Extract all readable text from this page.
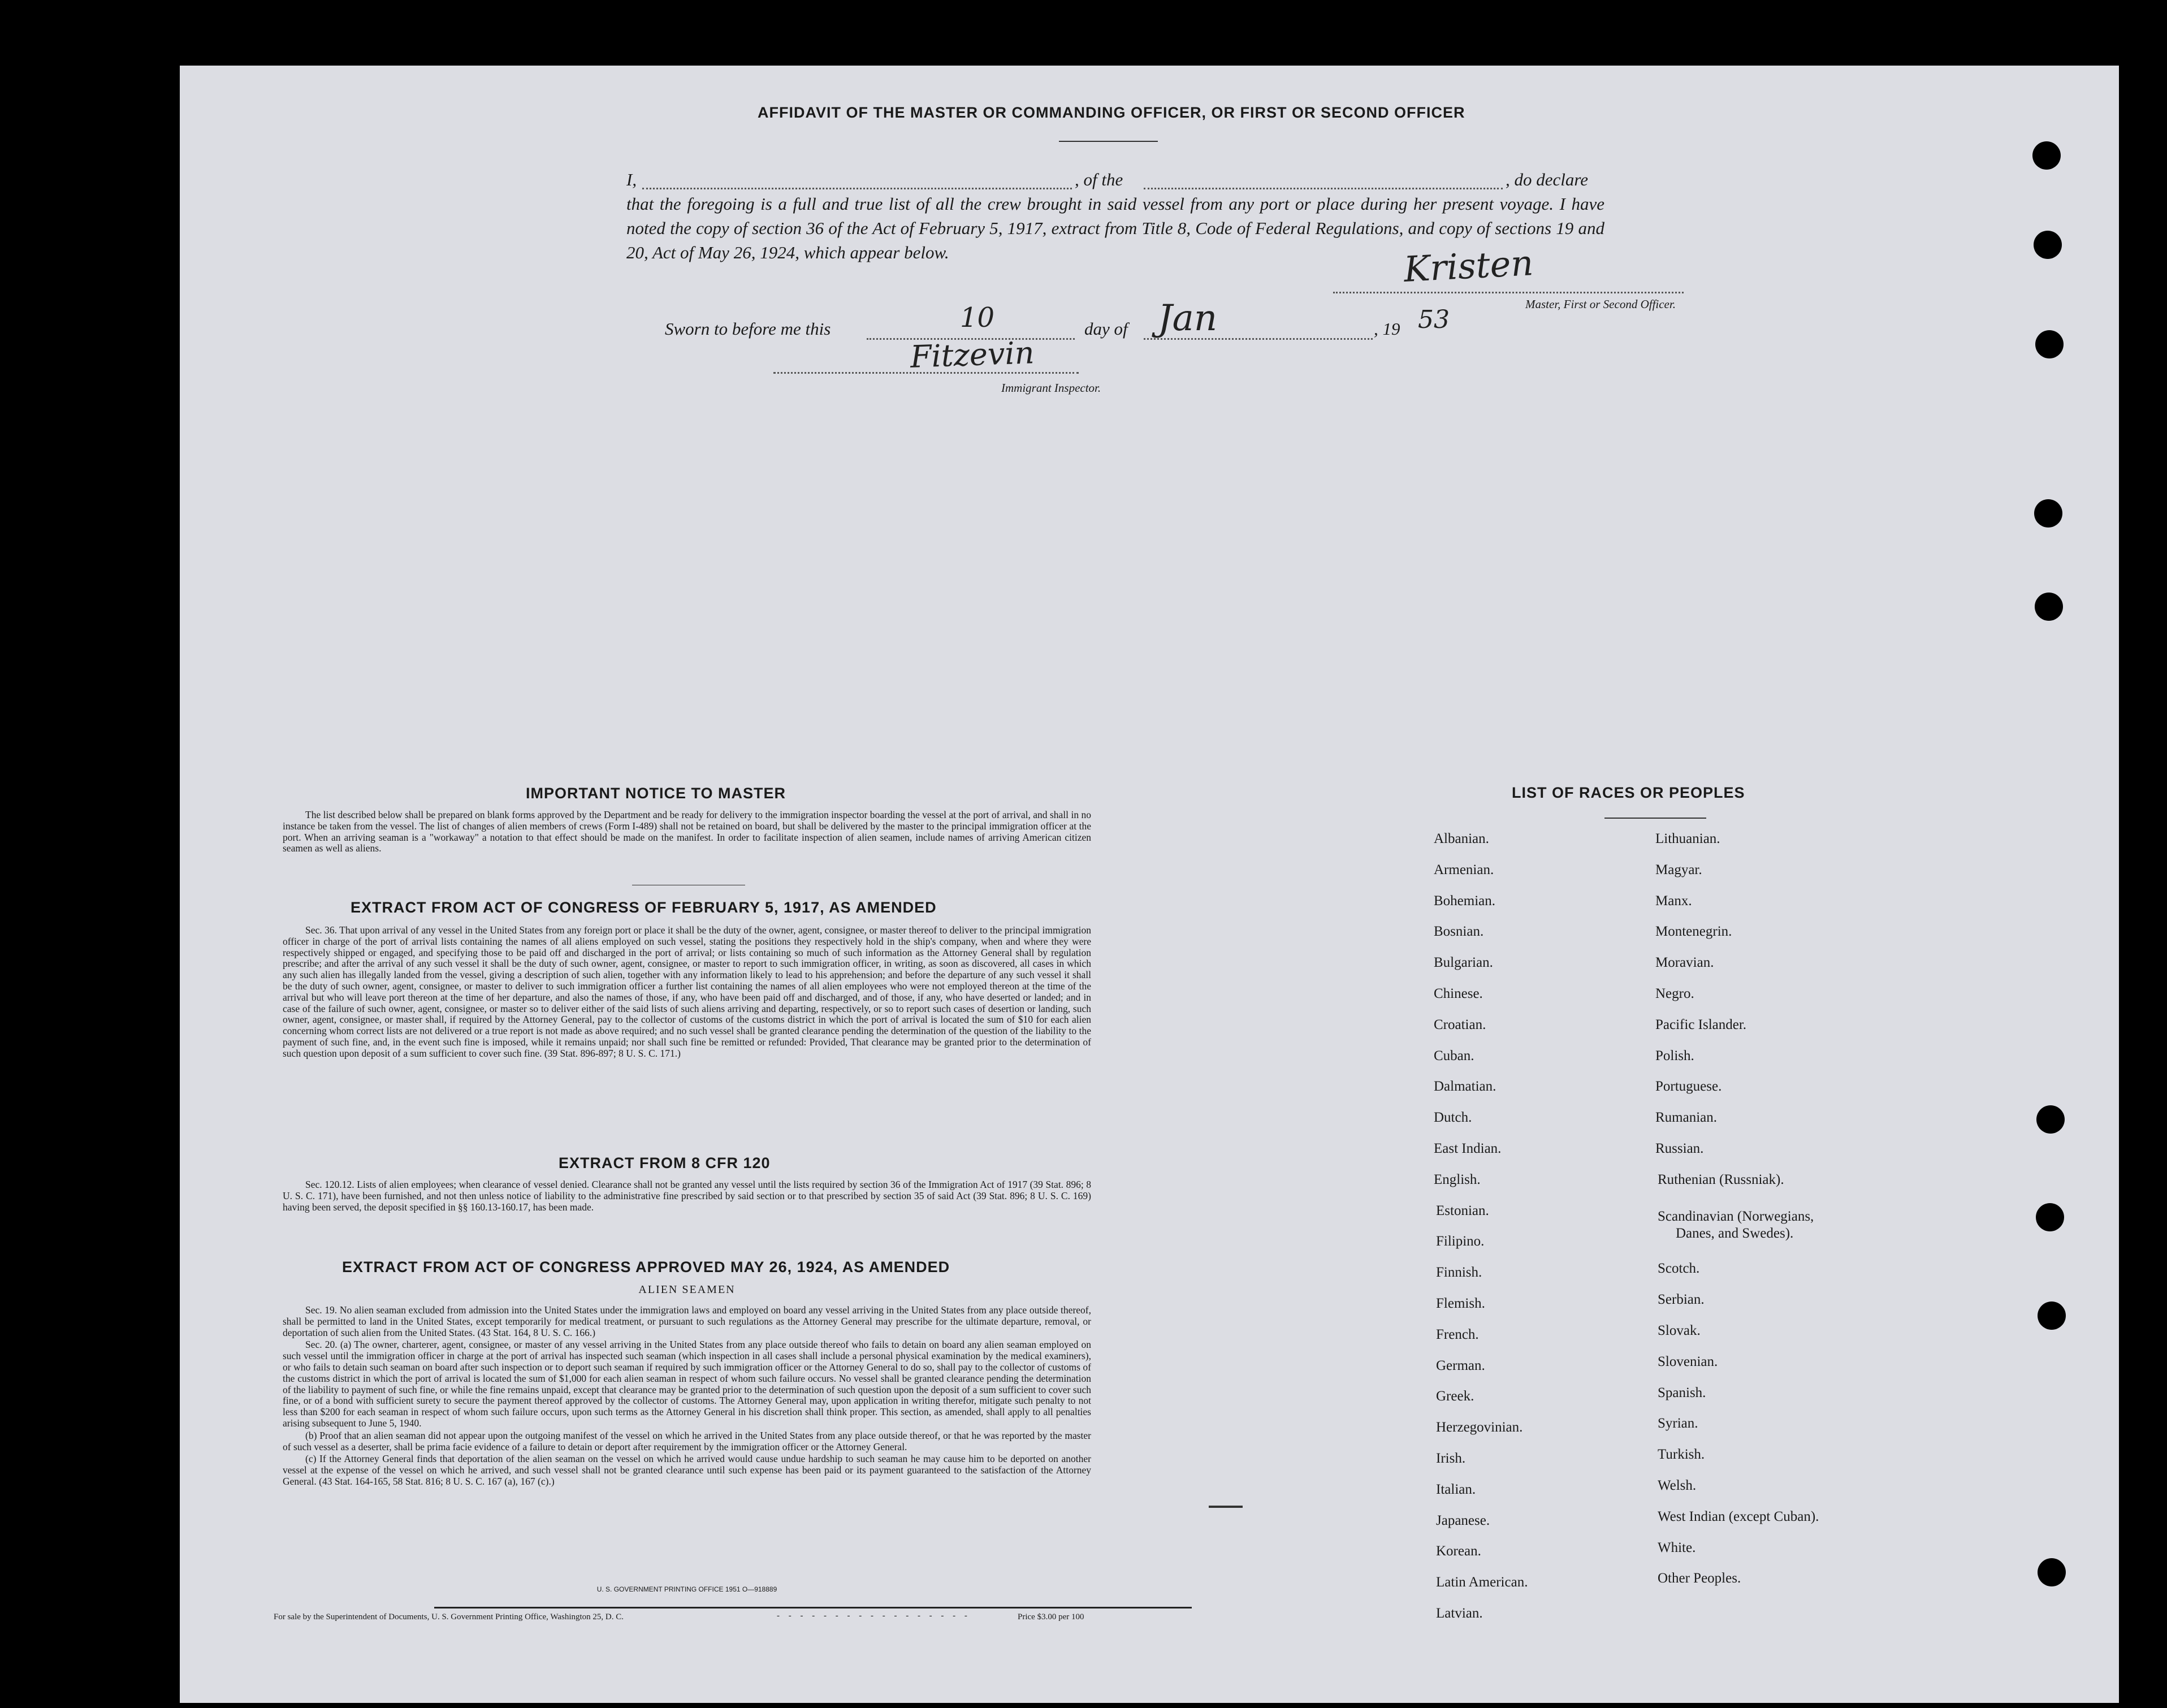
AFFIDAVIT OF THE MASTER OR COMMANDING OFFICER, OR FIRST OR SECOND OFFICER
I,	, of the	, do declare

that the foregoing is a full and true list of all the crew brought in said vessel from any port or place during her present voyage. I have noted the copy of section 36 of the Act of February 5, 1917, extract from Title 8, Code of Federal Regulations, and copy of sections 19 and 20, Act of May 26, 1924, which appear below.	Kristen
Master, First or Second Officer.
Sworn to before me this	10	day of Jan	, 19 53
Fitzevin
Immigrant Inspector.
IMPORTANT NOTICE TO MASTER

The list described below shall be prepared on blank forms approved by the Department and be ready for delivery to the immigration inspector boarding the vessel at the port of arrival, and shall in no instance be taken from the vessel. The list of changes of alien members of crews (Form I-489) shall not be retained on board, but shall be delivered by the master to the principal immigration officer at the port. When an arriving seaman is a "workaway" a notation to that effect should be made on the manifest. In order to facilitate inspection of alien seamen, include names of arriving American citizen seamen as well as aliens.

EXTRACT FROM ACT OF CONGRESS OF FEBRUARY 5, 1917, AS AMENDED

Sec. 36. That upon arrival of any vessel in the United States from any foreign port or place it shall be the duty of the owner, agent, consignee, or master thereof to deliver to the principal immigration officer in charge of the port of arrival lists containing the names of all aliens employed on such vessel, stating the positions they respectively hold in the ship's company, when and where they were respectively shipped or engaged, and specifying those to be paid off and discharged in the port of arrival; or lists containing so much of such information as the Attorney General shall by regulation prescribe; and after the arrival of any such vessel it shall be the duty of such owner, agent, consignee, or master to report to such immigration officer, in writing, as soon as discovered, all cases in which any such alien has illegally landed from the vessel, giving a description of such alien, together with any information likely to lead to his apprehension; and before the departure of any such vessel it shall be the duty of such owner, agent, consignee, or master to deliver to such immigration officer a further list containing the names of all alien employees who were not employed thereon at the time of the arrival but who will leave port thereon at the time of her departure, and also the names of those, if any, who have been paid off and discharged, and of those, if any, who have deserted or landed; and in case of the failure of such owner, agent, consignee, or master so to deliver either of the said lists of such aliens arriving and departing, respectively, or so to report such cases of desertion or landing, such owner, agent, consignee, or master shall, if required by the Attorney General, pay to the collector of customs of the customs district in which the port of arrival is located the sum of $10 for each alien concerning whom correct lists are not delivered or a true report is not made as above required; and no such vessel shall be granted clearance pending the determination of the question of the liability to the payment of such fine, and, in the event such fine is imposed, while it remains unpaid; nor shall such fine be remitted or refunded: Provided, That clearance may be granted prior to the determination of such question upon deposit of a sum sufficient to cover such fine. (39 Stat. 896-897; 8 U. S. C. 171.)

EXTRACT FROM 8 CFR 120

Sec. 120.12. Lists of alien employees; when clearance of vessel denied. Clearance shall not be granted any vessel until the lists required by section 36 of the Immigration Act of 1917 (39 Stat. 896; 8 U. S. C. 171), have been furnished, and not then unless notice of liability to the administrative fine prescribed by said section or to that prescribed by section 35 of said Act (39 Stat. 896; 8 U. S. C. 169) having been served, the deposit specified in §§ 160.13-160.17, has been made.

EXTRACT FROM ACT OF CONGRESS APPROVED MAY 26, 1924, AS AMENDED
ALIEN SEAMEN

Sec. 19. No alien seaman excluded from admission into the United States under the immigration laws and employed on board any vessel arriving in the United States from any place outside thereof, shall be permitted to land in the United States, except temporarily for medical treatment, or pursuant to such regulations as the Attorney General may prescribe for the ultimate departure, removal, or deportation of such alien from the United States. (43 Stat. 164, 8 U. S. C. 166.)

Sec. 20. (a) The owner, charterer, agent, consignee, or master of any vessel arriving in the United States from any place outside thereof who fails to detain on board any alien seaman employed on such vessel until the immigration officer in charge at the port of arrival has inspected such seaman (which inspection in all cases shall include a personal physical examination by the medical examiners), or who fails to detain such seaman on board after such inspection or to deport such seaman if required by such immigration officer or the Attorney General to do so, shall pay to the collector of customs of the customs district in which the port of arrival is located the sum of $1,000 for each alien seaman in respect of whom such failure occurs. No vessel shall be granted clearance pending the determination of the liability to payment of such fine, or while the fine remains unpaid, except that clearance may be granted prior to the determination of such question upon the deposit of a sum sufficient to cover such fine, or of a bond with sufficient surety to secure the payment thereof approved by the collector of customs. The Attorney General may, upon application in writing therefor, mitigate such penalty to not less than $200 for each seaman in respect of whom such failure occurs, upon such terms as the Attorney General in his discretion shall think proper. This section, as amended, shall apply to all penalties arising subsequent to June 5, 1940.

(b) Proof that an alien seaman did not appear upon the outgoing manifest of the vessel on which he arrived in the United States from any place outside thereof, or that he was reported by the master of such vessel as a deserter, shall be prima facie evidence of a failure to detain or deport after requirement by the immigration officer or the Attorney General.

(c) If the Attorney General finds that deportation of the alien seaman on the vessel on which he arrived would cause undue hardship to such seaman he may cause him to be deported on another vessel at the expense of the vessel on which he arrived, and such vessel shall not be granted clearance until such expense has been paid or its payment guaranteed to the satisfaction of the Attorney General. (43 Stat. 164-165, 58 Stat. 816; 8 U. S. C. 167 (a), 167 (c).)

U. S. GOVERNMENT PRINTING OFFICE 1951 O—918889
For sale by the Superintendent of Documents, U. S. Government Printing Office, Washington 25, D. C.	- - - - - - - - - - - - - - - - -	Price $3.00 per 100
LIST OF RACES OR PEOPLES
Albanian.
Armenian.
Bohemian.
Bosnian.
Bulgarian.
Chinese.
Croatian.
Cuban.
Dalmatian.
Dutch.
East Indian.
English.
Estonian.
Filipino.
Finnish.
Flemish.
French.
German.
Greek.
Herzegovinian.
Irish.
Italian.
Japanese.
Korean.
Latin American.
Latvian.
Lithuanian.
Magyar.
Manx.
Montenegrin.
Moravian.
Negro.
Pacific Islander.
Polish.
Portuguese.
Rumanian.
Russian.
Ruthenian (Russniak).
Scandinavian (Norwegians,
Danes, and Swedes).
Scotch.
Serbian.
Slovak.
Slovenian.
Spanish.
Syrian.
Turkish.
Welsh.
West Indian (except Cuban).
White.
Other Peoples.
